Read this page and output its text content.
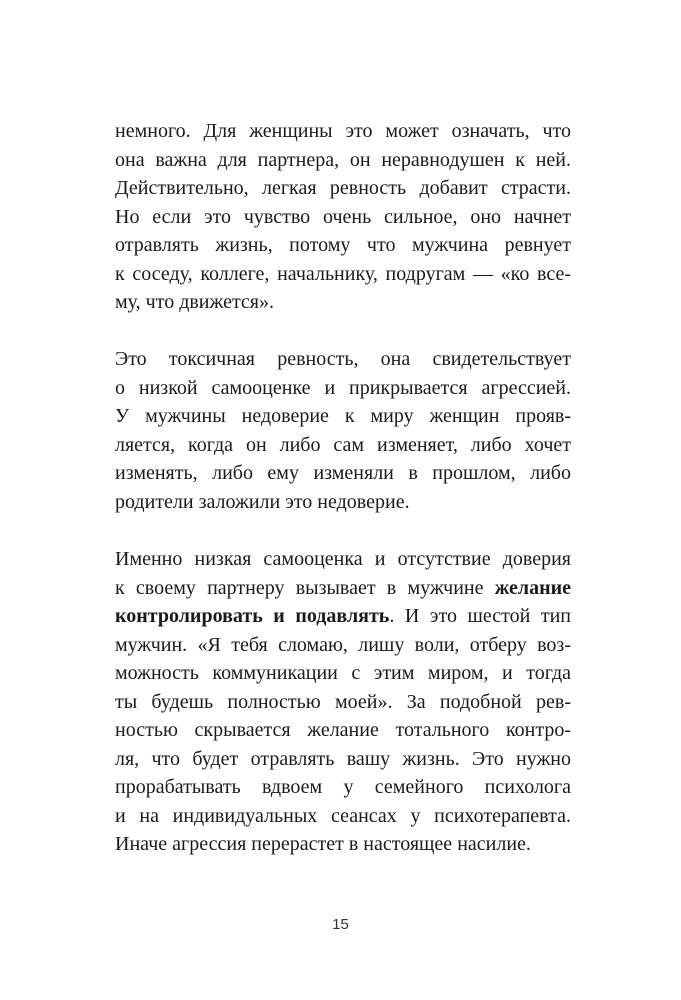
немного. Для женщины это может означать, что
она важна для партнера, он неравнодушен к ней.
Действительно, легкая ревность добавит страсти.
Но если это чувство очень сильное, оно начнет
отравлять жизнь, потому что мужчина ревнует
к соседу, коллеге, начальнику, подругам — «ко все-
му, что движется».

Это токсичная ревность, она свидетельствует
о низкой самооценке и прикрывается агрессией.
У мужчины недоверие к миру женщин прояв-
ляется, когда он либо сам изменяет, либо хочет
изменять, либо ему изменяли в прошлом, либо
родители заложили это недоверие.

Именно низкая самооценка и отсутствие доверия
к своему партнеру вызывает в мужчине желание
контролировать и подавлять. И это шестой тип
мужчин. «Я тебя сломаю, лишу воли, отберу воз-
можность коммуникации с этим миром, и тогда
ты будешь полностью моей». За подобной рев-
ностью скрывается желание тотального контро-
ля, что будет отравлять вашу жизнь. Это нужно
прорабатывать вдвоем у семейного психолога
и на индивидуальных сеансах у психотерапевта.
Иначе агрессия перерастет в настоящее насилие.

15
